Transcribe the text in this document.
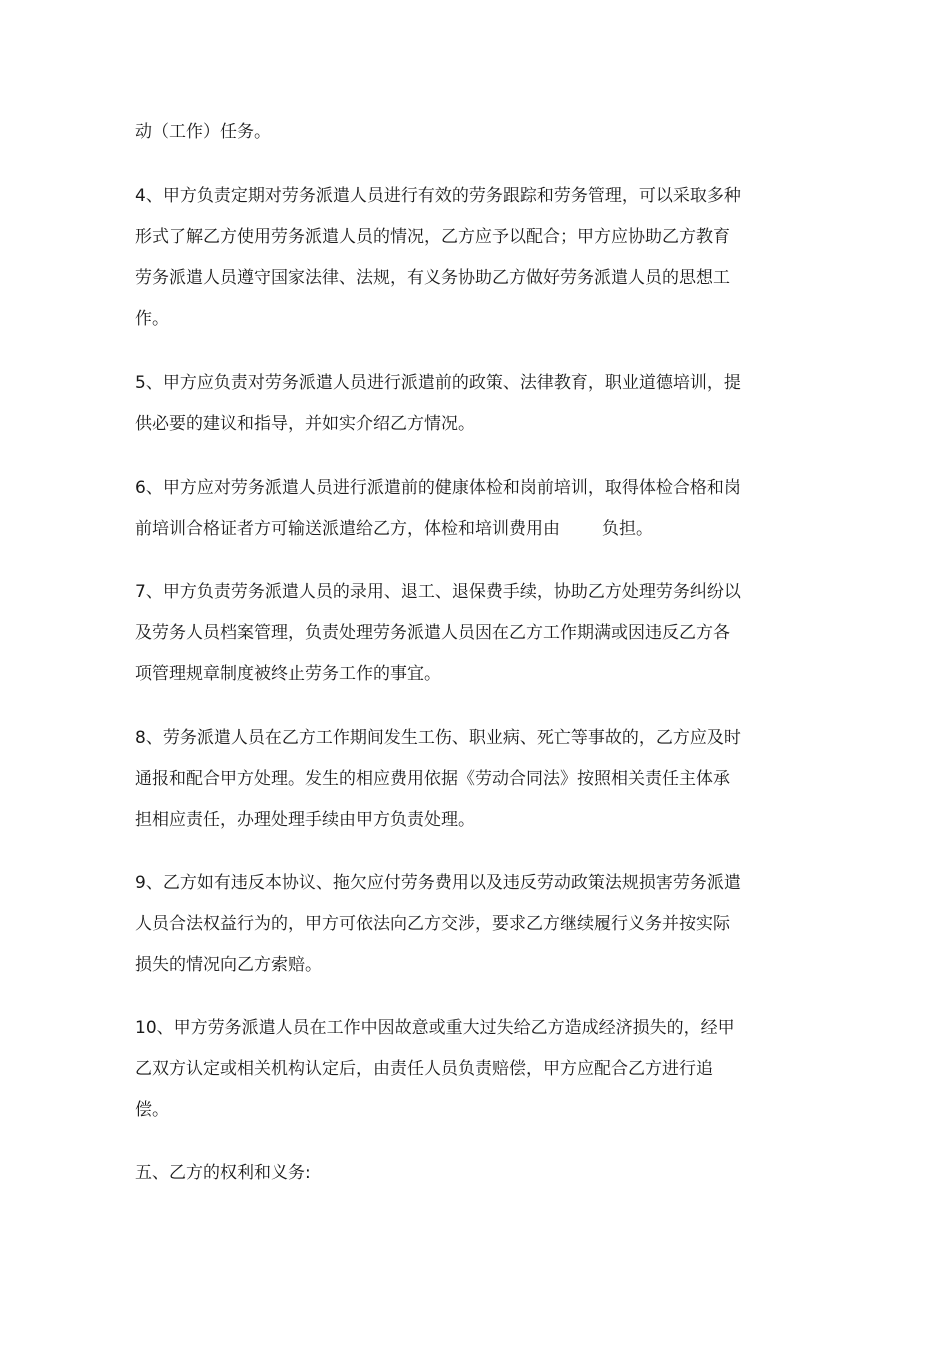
动（工作）任务。
4、甲方负责定期对劳务派遣人员进行有效的劳务跟踪和劳务管理，可以采取多种
形式了解乙方使用劳务派遣人员的情况，乙方应予以配合；甲方应协助乙方教育
劳务派遣人员遵守国家法律、法规，有义务协助乙方做好劳务派遣人员的思想工
作。
5、甲方应负责对劳务派遣人员进行派遣前的政策、法律教育，职业道德培训，提
供必要的建议和指导，并如实介绍乙方情况。
6、甲方应对劳务派遣人员进行派遣前的健康体检和岗前培训，取得体检合格和岗
前培训合格证者方可输送派遣给乙方，体检和培训费用由 负担。
7、甲方负责劳务派遣人员的录用、退工、退保费手续，协助乙方处理劳务纠纷以
及劳务人员档案管理，负责处理劳务派遣人员因在乙方工作期满或因违反乙方各
项管理规章制度被终止劳务工作的事宜。
8、劳务派遣人员在乙方工作期间发生工伤、职业病、死亡等事故的，乙方应及时
通报和配合甲方处理。发生的相应费用依据《劳动合同法》按照相关责任主体承
担相应责任，办理处理手续由甲方负责处理。
9、乙方如有违反本协议、拖欠应付劳务费用以及违反劳动政策法规损害劳务派遣
人员合法权益行为的，甲方可依法向乙方交涉，要求乙方继续履行义务并按实际
损失的情况向乙方索赔。
10、甲方劳务派遣人员在工作中因故意或重大过失给乙方造成经济损失的，经甲
乙双方认定或相关机构认定后，由责任人员负责赔偿，甲方应配合乙方进行追
偿。
五、乙方的权利和义务:
